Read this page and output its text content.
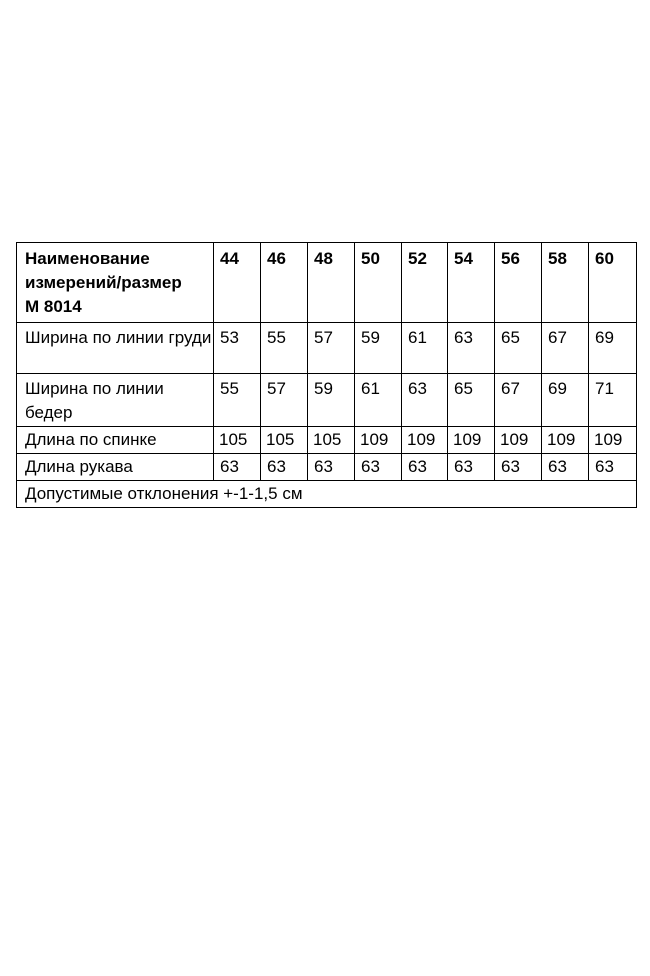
Наименование
измерений/размер
М 8014	44	46	48	50	52	54	56	58	60
Ширина по линии груди	53	55	57	59	61	63	65	67	69
Ширина по линии бедер	55	57	59	61	63	65	67	69	71
Длина по спинке	105	105	105	109	109	109	109	109	109
Длина рукава	63	63	63	63	63	63	63	63	63
Допустимые отклонения +-1-1,5 см									
